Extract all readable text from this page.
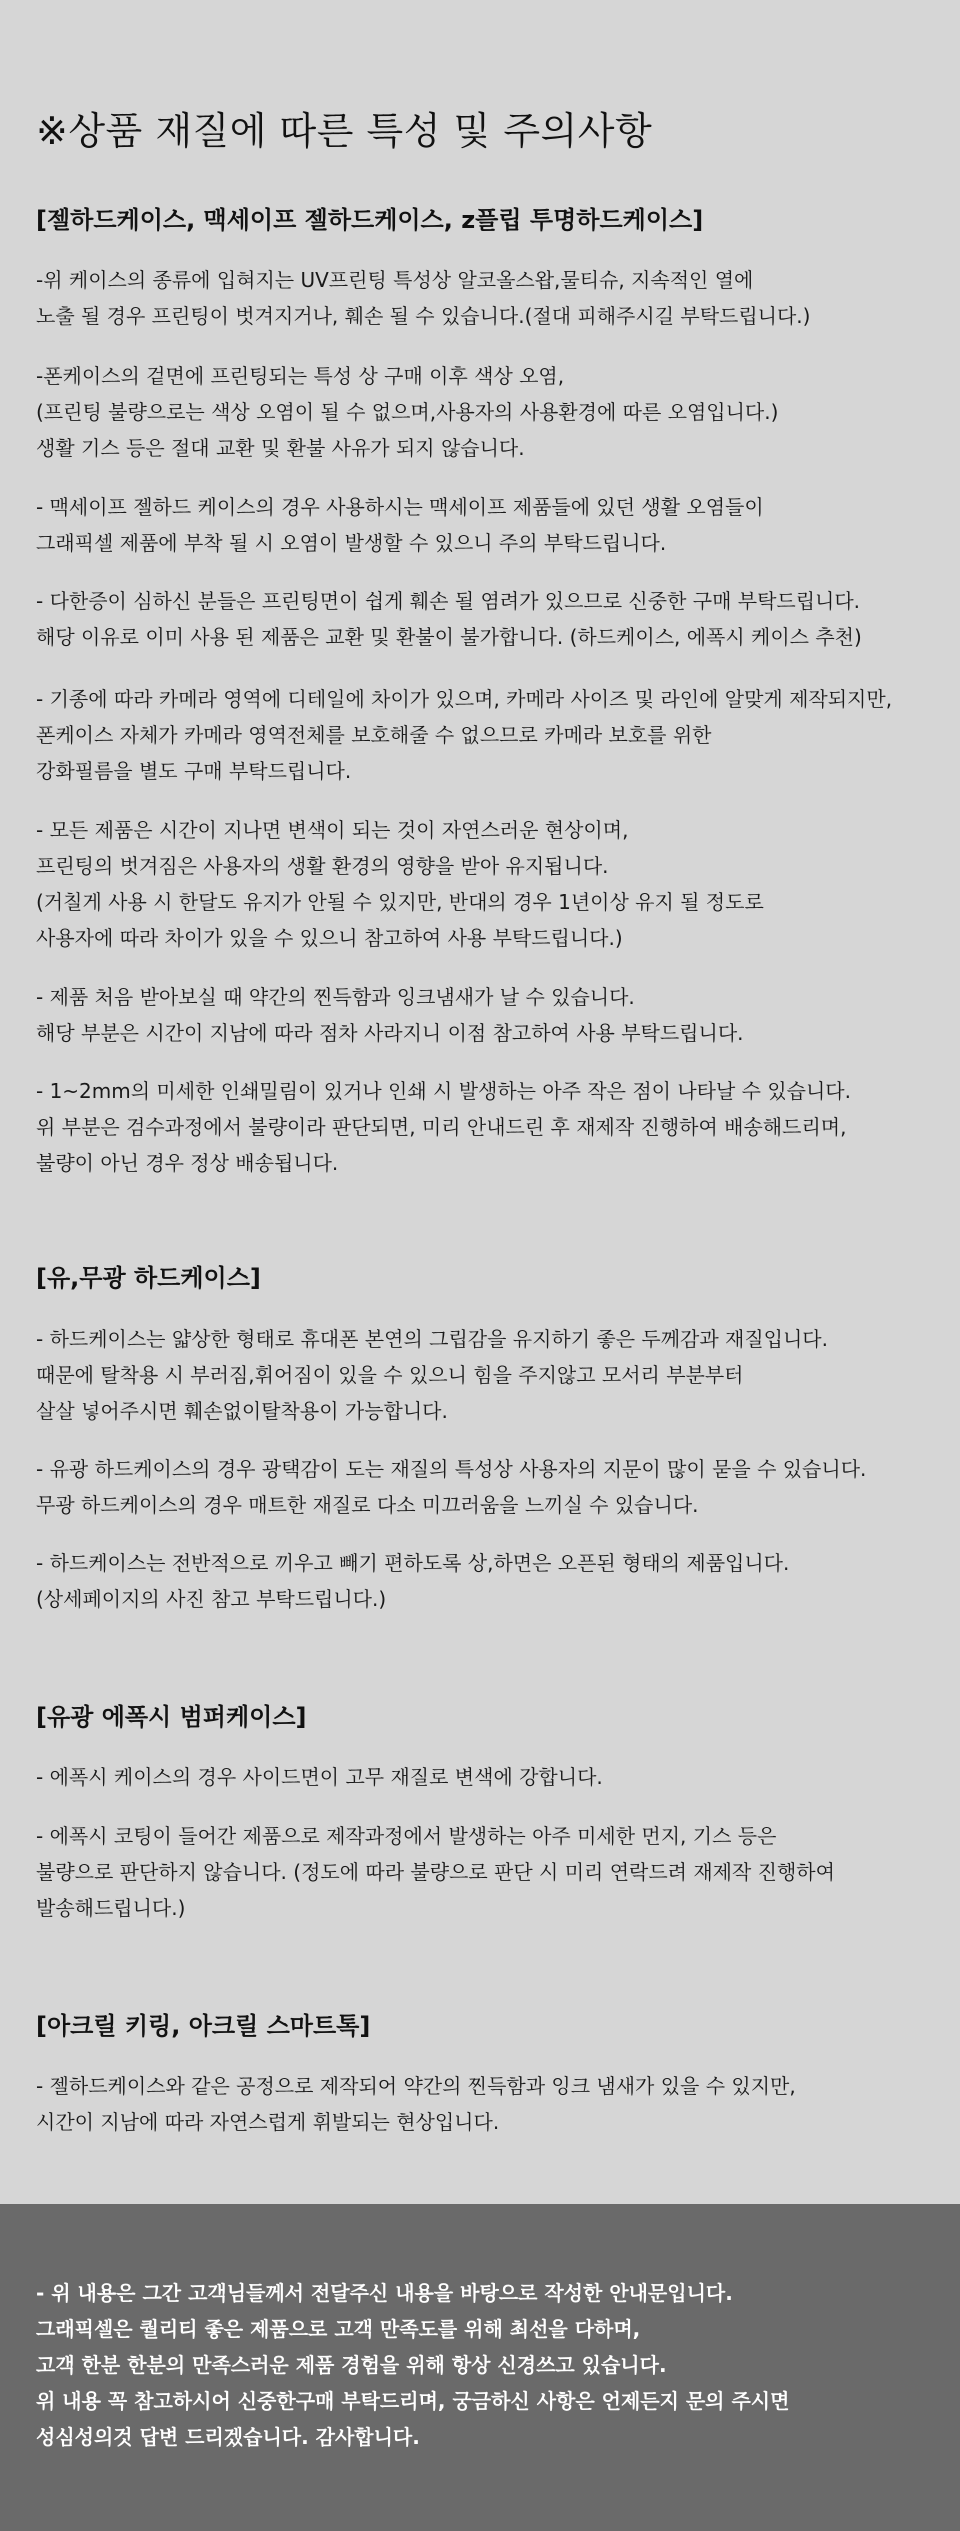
※상품 재질에 따른 특성 및 주의사항
[젤하드케이스, 맥세이프 젤하드케이스, z플립 투명하드케이스]

-위 케이스의 종류에 입혀지는 UV프린팅 특성상 알코올스왑,물티슈, 지속적인 열에
노출 될 경우 프린팅이 벗겨지거나, 훼손 될 수 있습니다.(절대 피해주시길 부탁드립니다.)

-폰케이스의 겉면에 프린팅되는 특성 상 구매 이후 색상 오염,
(프린팅 불량으로는 색상 오염이 될 수 없으며,사용자의 사용환경에 따른 오염입니다.)
생활 기스 등은 절대 교환 및 환불 사유가 되지 않습니다.

- 맥세이프 젤하드 케이스의 경우 사용하시는 맥세이프 제품들에 있던 생활 오염들이
그래픽셀 제품에 부착 될 시 오염이 발생할 수 있으니 주의 부탁드립니다.

- 다한증이 심하신 분들은 프린팅면이 쉽게 훼손 될 염려가 있으므로 신중한 구매 부탁드립니다.
해당 이유로 이미 사용 된 제품은 교환 및 환불이 불가합니다. (하드케이스, 에폭시 케이스 추천)

- 기종에 따라 카메라 영역에 디테일에 차이가 있으며, 카메라 사이즈 및 라인에 알맞게 제작되지만,
폰케이스 자체가 카메라 영역전체를 보호해줄 수 없으므로 카메라 보호를 위한
강화필름을 별도 구매 부탁드립니다.

- 모든 제품은 시간이 지나면 변색이 되는 것이 자연스러운 현상이며,
프린팅의 벗겨짐은 사용자의 생활 환경의 영향을 받아 유지됩니다.
(거칠게 사용 시 한달도 유지가 안될 수 있지만, 반대의 경우 1년이상 유지 될 정도로
사용자에 따라 차이가 있을 수 있으니 참고하여 사용 부탁드립니다.)

- 제품 처음 받아보실 때 약간의 찐득함과 잉크냄새가 날 수 있습니다.
해당 부분은 시간이 지남에 따라 점차 사라지니 이점 참고하여 사용 부탁드립니다.

- 1~2mm의 미세한 인쇄밀림이 있거나 인쇄 시 발생하는 아주 작은 점이 나타날 수 있습니다.
위 부분은 검수과정에서 불량이라 판단되면, 미리 안내드린 후 재제작 진행하여 배송해드리며,
불량이 아닌 경우 정상 배송됩니다.

[유,무광 하드케이스]

- 하드케이스는 얇상한 형태로 휴대폰 본연의 그립감을 유지하기 좋은 두께감과 재질입니다.
때문에 탈착용 시 부러짐,휘어짐이 있을 수 있으니 힘을 주지않고 모서리 부분부터
살살 넣어주시면 훼손없이탈착용이 가능합니다.

- 유광 하드케이스의 경우 광택감이 도는 재질의 특성상 사용자의 지문이 많이 묻을 수 있습니다.
무광 하드케이스의 경우 매트한 재질로 다소 미끄러움을 느끼실 수 있습니다.

- 하드케이스는 전반적으로 끼우고 빼기 편하도록 상,하면은 오픈된 형태의 제품입니다.
(상세페이지의 사진 참고 부탁드립니다.)

[유광 에폭시 범퍼케이스]

- 에폭시 케이스의 경우 사이드면이 고무 재질로 변색에 강합니다.

- 에폭시 코팅이 들어간 제품으로 제작과정에서 발생하는 아주 미세한 먼지, 기스 등은
불량으로 판단하지 않습니다. (정도에 따라 불량으로 판단 시 미리 연락드려 재제작 진행하여
발송해드립니다.)

[아크릴 키링, 아크릴 스마트톡]

- 젤하드케이스와 같은 공정으로 제작되어 약간의 찐득함과 잉크 냄새가 있을 수 있지만,
시간이 지남에 따라 자연스럽게 휘발되는 현상입니다.

- 위 내용은 그간 고객님들께서 전달주신 내용을 바탕으로 작성한 안내문입니다.
그래픽셀은 퀄리티 좋은 제품으로 고객 만족도를 위해 최선을 다하며,
고객 한분 한분의 만족스러운 제품 경험을 위해 항상 신경쓰고 있습니다.
위 내용 꼭 참고하시어 신중한구매 부탁드리며, 궁금하신 사항은 언제든지 문의 주시면
성심성의것 답변 드리겠습니다. 감사합니다.
